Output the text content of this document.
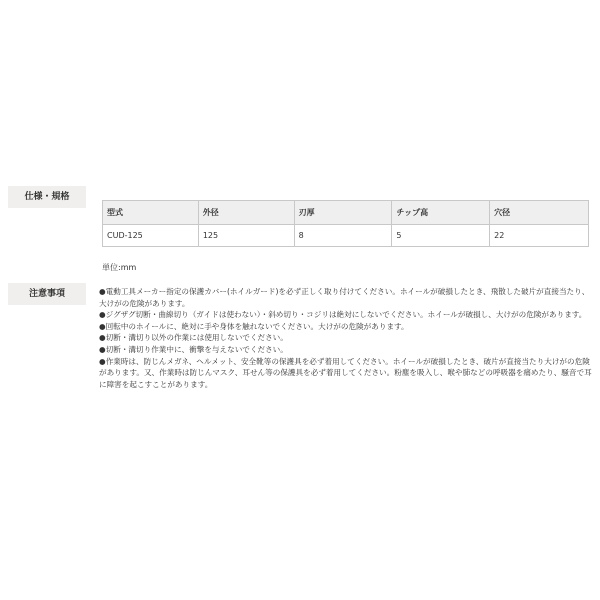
仕様・規格
型式	外径	刃厚	チップ高	穴径
CUD-125	125	8	5	22
単位:mm
注意事項	●電動工具メーカー指定の保護カバー(ホイルガード)を必ず正しく取り付けてください。ホイールが破損したとき、飛散した破片が直接当たり、大けがの危険があります。
●ジグザグ切断・曲線切り（ガイドは使わない）・斜め切り・コジリは絶対にしないでください。ホイールが破損し、大けがの危険があります。
●回転中のホイールに、絶対に手や身体を触れないでください。大けがの危険があります。
●切断・溝切り以外の作業には使用しないでください。
●切断・溝切り作業中に、衝撃を与えないでください。
●作業時は、防じんメガネ、ヘルメット、安全靴等の保護具を必ず着用してください。ホイールが破損したとき、破片が直接当たり大けがの危険があります。又、作業時は防じんマスク、耳せん等の保護具を必ず着用してください。粉塵を吸入し、喉や肺などの呼吸器を痛めたり、騒音で耳に障害を起こすことがあります。
